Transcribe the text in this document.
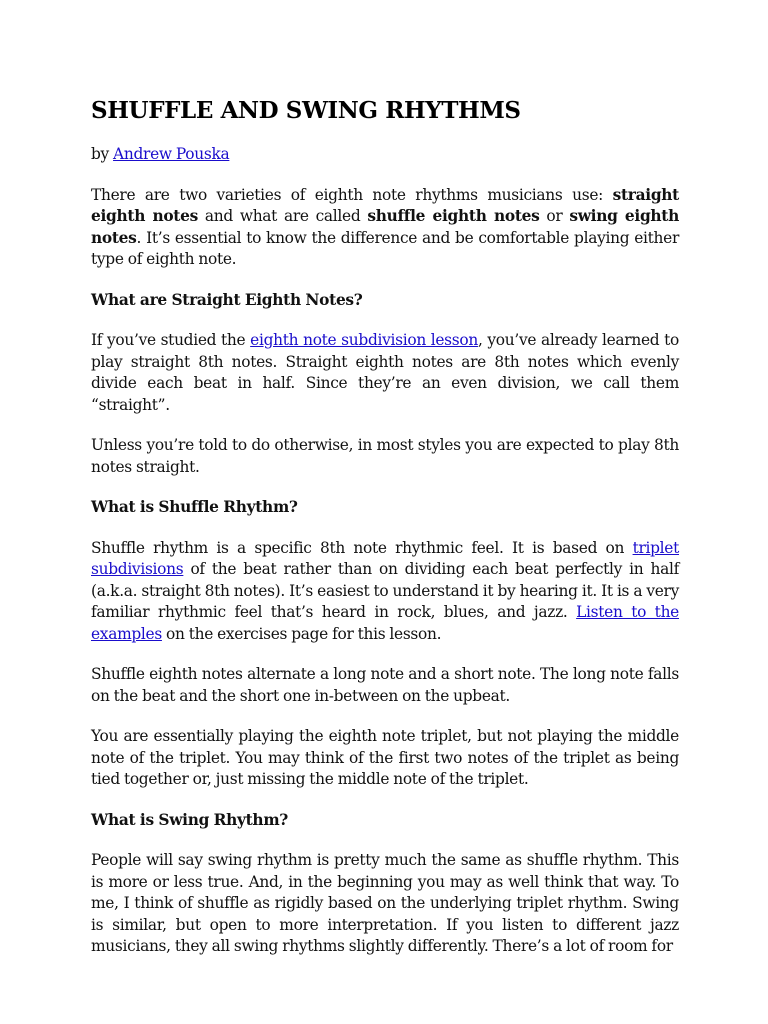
SHUFFLE AND SWING RHYTHMS

by Andrew Pouska

There are two varieties of eighth note rhythms musicians use: straight eighth notes and what are called shuffle eighth notes or swing eighth notes. It’s essential to know the difference and be comfortable playing either type of eighth note.

What are Straight Eighth Notes?

If you’ve studied the eighth note subdivision lesson, you’ve already learned to play straight 8th notes. Straight eighth notes are 8th notes which evenly divide each beat in half. Since they’re an even division, we call them “straight”.

Unless you’re told to do otherwise, in most styles you are expected to play 8th notes straight.

What is Shuffle Rhythm?

Shuffle rhythm is a specific 8th note rhythmic feel. It is based on triplet subdivisions of the beat rather than on dividing each beat perfectly in half (a.k.a. straight 8th notes). It’s easiest to understand it by hearing it. It is a very familiar rhythmic feel that’s heard in rock, blues, and jazz. Listen to the examples on the exercises page for this lesson.

Shuffle eighth notes alternate a long note and a short note. The long note falls on the beat and the short one in-between on the upbeat.

You are essentially playing the eighth note triplet, but not playing the middle note of the triplet. You may think of the first two notes of the triplet as being tied together or, just missing the middle note of the triplet.

What is Swing Rhythm?

People will say swing rhythm is pretty much the same as shuffle rhythm. This is more or less true. And, in the beginning you may as well think that way. To me, I think of shuffle as rigidly based on the underlying triplet rhythm. Swing is similar, but open to more interpretation. If you listen to different jazz musicians, they all swing rhythms slightly differently. There’s a lot of room for
